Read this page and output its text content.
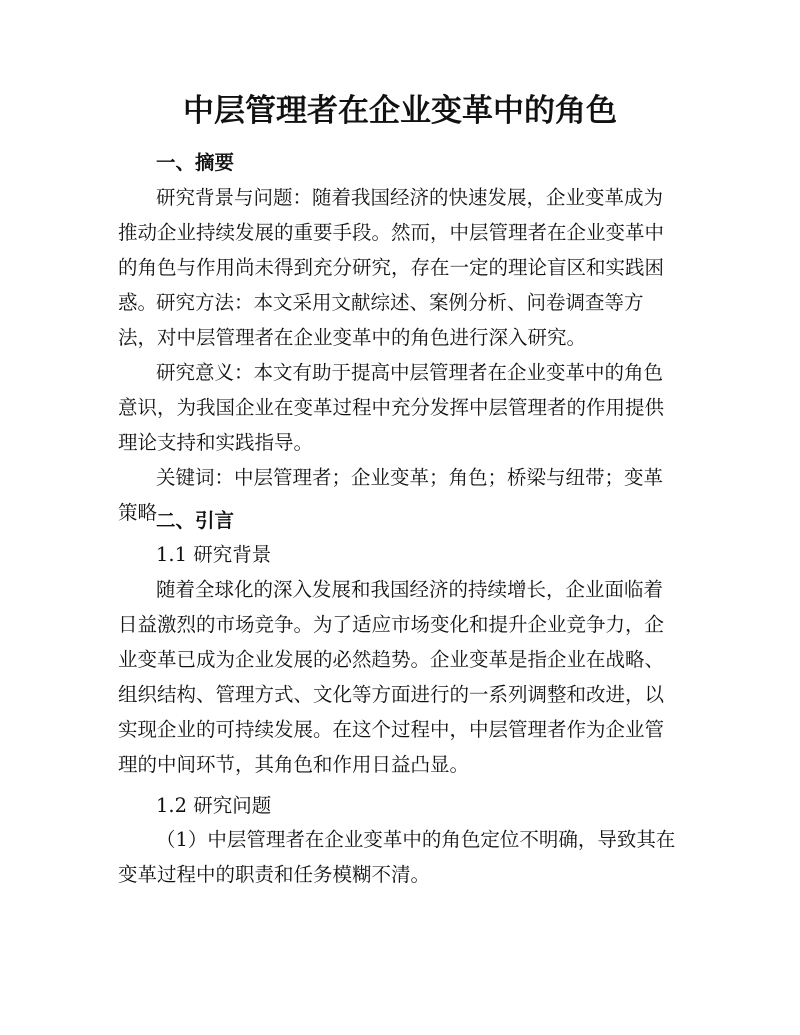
中层管理者在企业变革中的角色

一、摘要

研究背景与问题：随着我国经济的快速发展，企业变革成为推动企业持续发展的重要手段。然而，中层管理者在企业变革中的角色与作用尚未得到充分研究，存在一定的理论盲区和实践困惑。

研究方法：本文采用文献综述、案例分析、问卷调查等方法，对中层管理者在企业变革中的角色进行深入研究。

研究意义：本文有助于提高中层管理者在企业变革中的角色意识，为我国企业在变革过程中充分发挥中层管理者的作用提供理论支持和实践指导。

关键词：中层管理者；企业变革；角色；桥梁与纽带；变革策略

二、引言

1.1 研究背景

随着全球化的深入发展和我国经济的持续增长，企业面临着日益激烈的市场竞争。为了适应市场变化和提升企业竞争力，企业变革已成为企业发展的必然趋势。企业变革是指企业在战略、组织结构、管理方式、文化等方面进行的一系列调整和改进，以实现企业的可持续发展。在这个过程中，中层管理者作为企业管理的中间环节，其角色和作用日益凸显。

1.2 研究问题

（1）中层管理者在企业变革中的角色定位不明确，导致其在变革过程中的职责和任务模糊不清。
